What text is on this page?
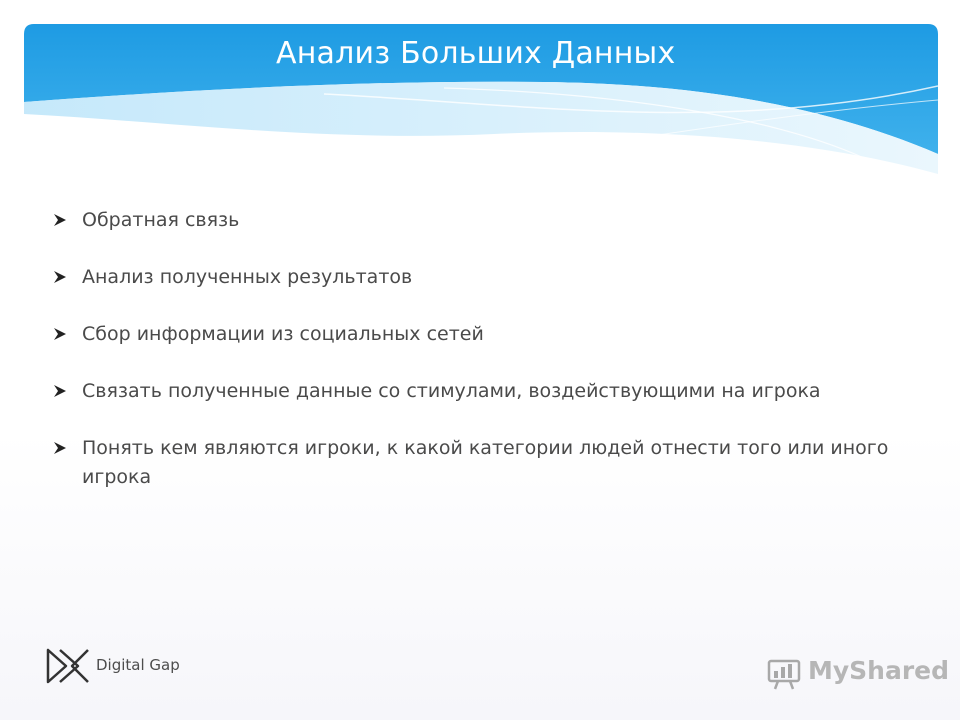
Анализ Больших Данных
Обратная связь
Анализ полученных результатов
Сбор информации из социальных сетей
Связать полученные данные со стимулами, воздействующими на игрока
Понять кем являются игроки, к какой категории людей отнести того или иного игрока
Digital Gap	MyShared
